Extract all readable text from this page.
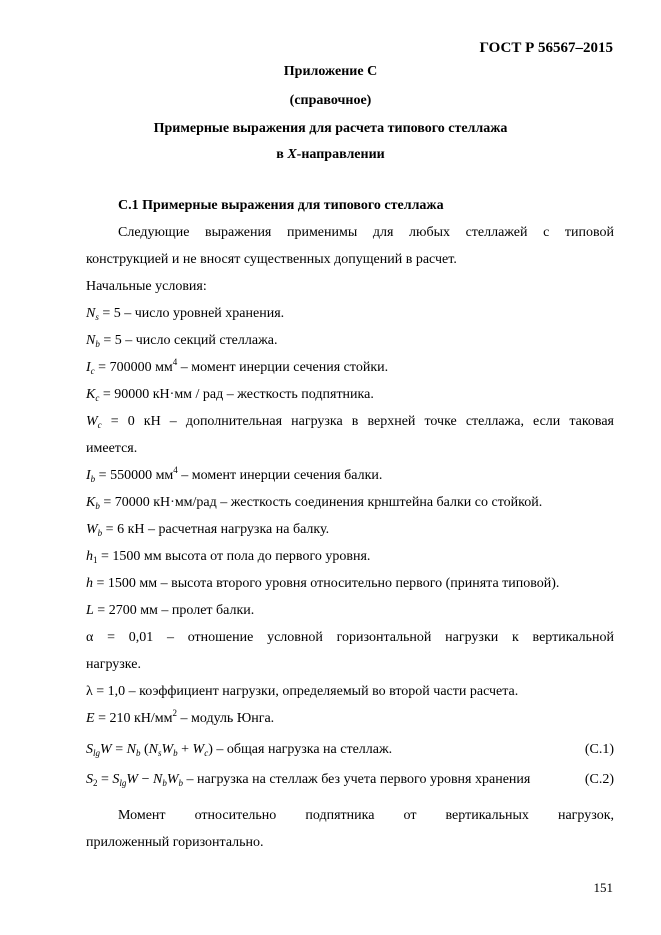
ГОСТ Р 56567–2015
Приложение С
(справочное)
Примерные выражения для расчета типового стеллажа
в X-направлении
С.1 Примерные выражения для типового стеллажа
Следующие выражения применимы для любых стеллажей с типовой
конструкцией и не вносят существенных допущений в расчет.
Начальные условия:
$N_s = 5$ – число уровней хранения.
$N_b = 5$ – число секций стеллажа.
$I_c = 700000$ $мм^4$ – момент инерции сечения стойки.
$K_c = 90000$ кН·мм / рад – жесткость подпятника.
$W_c = 0$ кН – дополнительная нагрузка в верхней точке стеллажа, если таковая
имеется.
$I_b = 550000$ $мм^4$ – момент инерции сечения балки.
$K_b = 70000$ кН·мм/рад – жесткость соединения крнштейна балки со стойкой.
$W_b = 6$ кН – расчетная нагрузка на балку.
$h_1 = 1500$ мм высота от пола до первого уровня.
h = 1500 мм – высота второго уровня относительно первого (принята типовой).
L = 2700 мм – пролет балки.
α = 0,01 – отношение условной горизонтальной нагрузки к вертикальной
нагрузке.
λ = 1,0 – коэффициент нагрузки, определяемый во второй части расчета.
E = 210 $кН/мм^2$ – модуль Юнга.
$S_{lg}W = N_b$ $(N_sW_b + W_c)$ – общая нагрузка на стеллаж.	(С.1)
$S_2 = S_{lg}W - N_bW_b$ – нагрузка на стеллаж без учета первого уровня хранения	(С.2)
Момент относительно подпятника от вертикальных нагрузок,
приложенный горизонтально.
151
